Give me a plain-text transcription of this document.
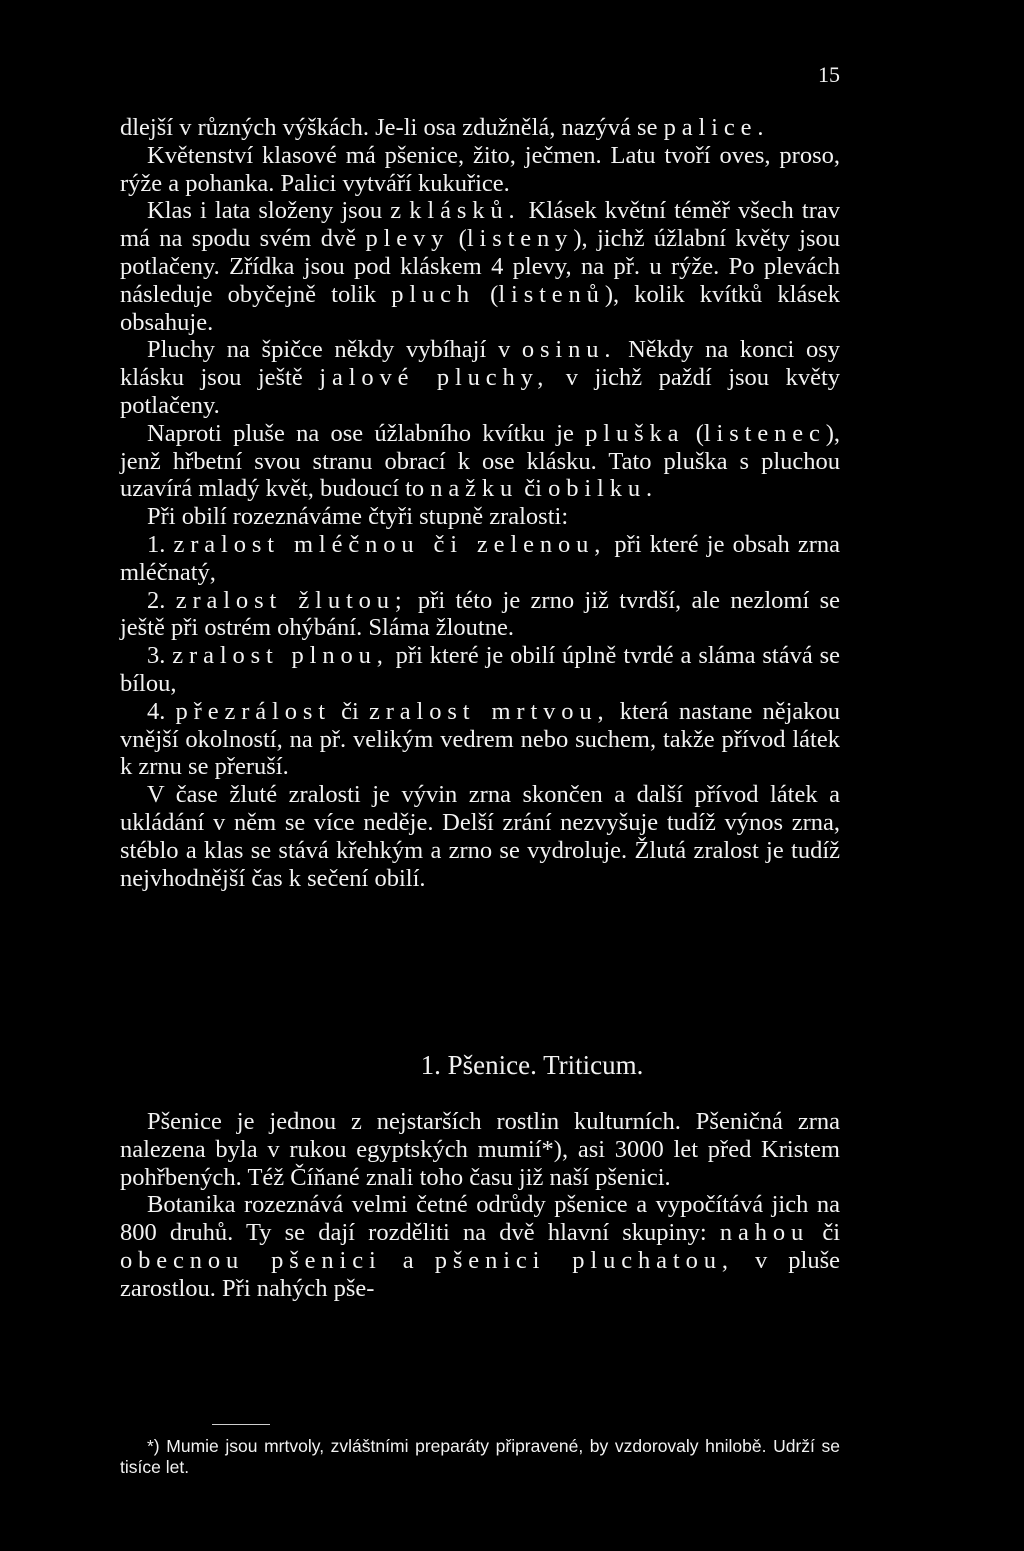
15

dlejší v různých výškách. Je-li osa zdužnělá, nazývá se palice.

Květenství klasové má pšenice, žito, ječmen. Latu tvoří oves, proso, rýže a pohanka. Palici vytváří kukuřice.

Klas i lata složeny jsou z klásků. Klásek květní téměř všech trav má na spodu svém dvě plevy (listeny), jichž úžlabní květy jsou potlačeny. Zřídka jsou pod kláskem 4 plevy, na př. u rýže. Po plevách následuje obyčejně tolik pluch (listenů), kolik kvítků klásek obsahuje.

Pluchy na špičce někdy vybíhají v osinu. Někdy na konci osy klásku jsou ještě jalové pluchy, v jichž paždí jsou květy potlačeny.

Naproti pluše na ose úžlabního kvítku je pluška (listenec), jenž hřbetní svou stranu obrací k ose klásku. Tato pluška s pluchou uzavírá mladý květ, budoucí to nažku či obilku.

Při obilí rozeznáváme čtyři stupně zralosti:

1. zralost mléčnou či zelenou, při které je obsah zrna mléčnatý,

2. zralost žlutou; při této je zrno již tvrdší, ale nezlomí se ještě při ostrém ohýbání. Sláma žloutne.

3. zralost plnou, při které je obilí úplně tvrdé a sláma stává se bílou,

4. přezrálost či zralost mrtvou, která nastane nějakou vnější okolností, na př. velikým vedrem nebo suchem, takže přívod látek k zrnu se přeruší.

V čase žluté zralosti je vývin zrna skončen a další přívod látek a ukládání v něm se více neděje. Delší zrání nezvyšuje tudíž výnos zrna, stéblo a klas se stává křehkým a zrno se vydroluje. Žlutá zralost je tudíž nejvhodnější čas k sečení obilí.

1. Pšenice. Triticum.

Pšenice je jednou z nejstarších rostlin kulturních. Pšeničná zrna nalezena byla v rukou egyptských mumií*), asi 3000 let před Kristem pohřbených. Též Číňané znali toho času již naší pšenici.

Botanika rozeznává velmi četné odrůdy pšenice a vypočítává jich na 800 druhů. Ty se dají rozděliti na dvě hlavní skupiny: nahou či obecnou pšenici a pšenici pluchatou, v pluše zarostlou. Při nahých pše-

*) Mumie jsou mrtvoly, zvláštními preparáty připravené, by vzdorovaly hnilobě. Udrží se tisíce let.
